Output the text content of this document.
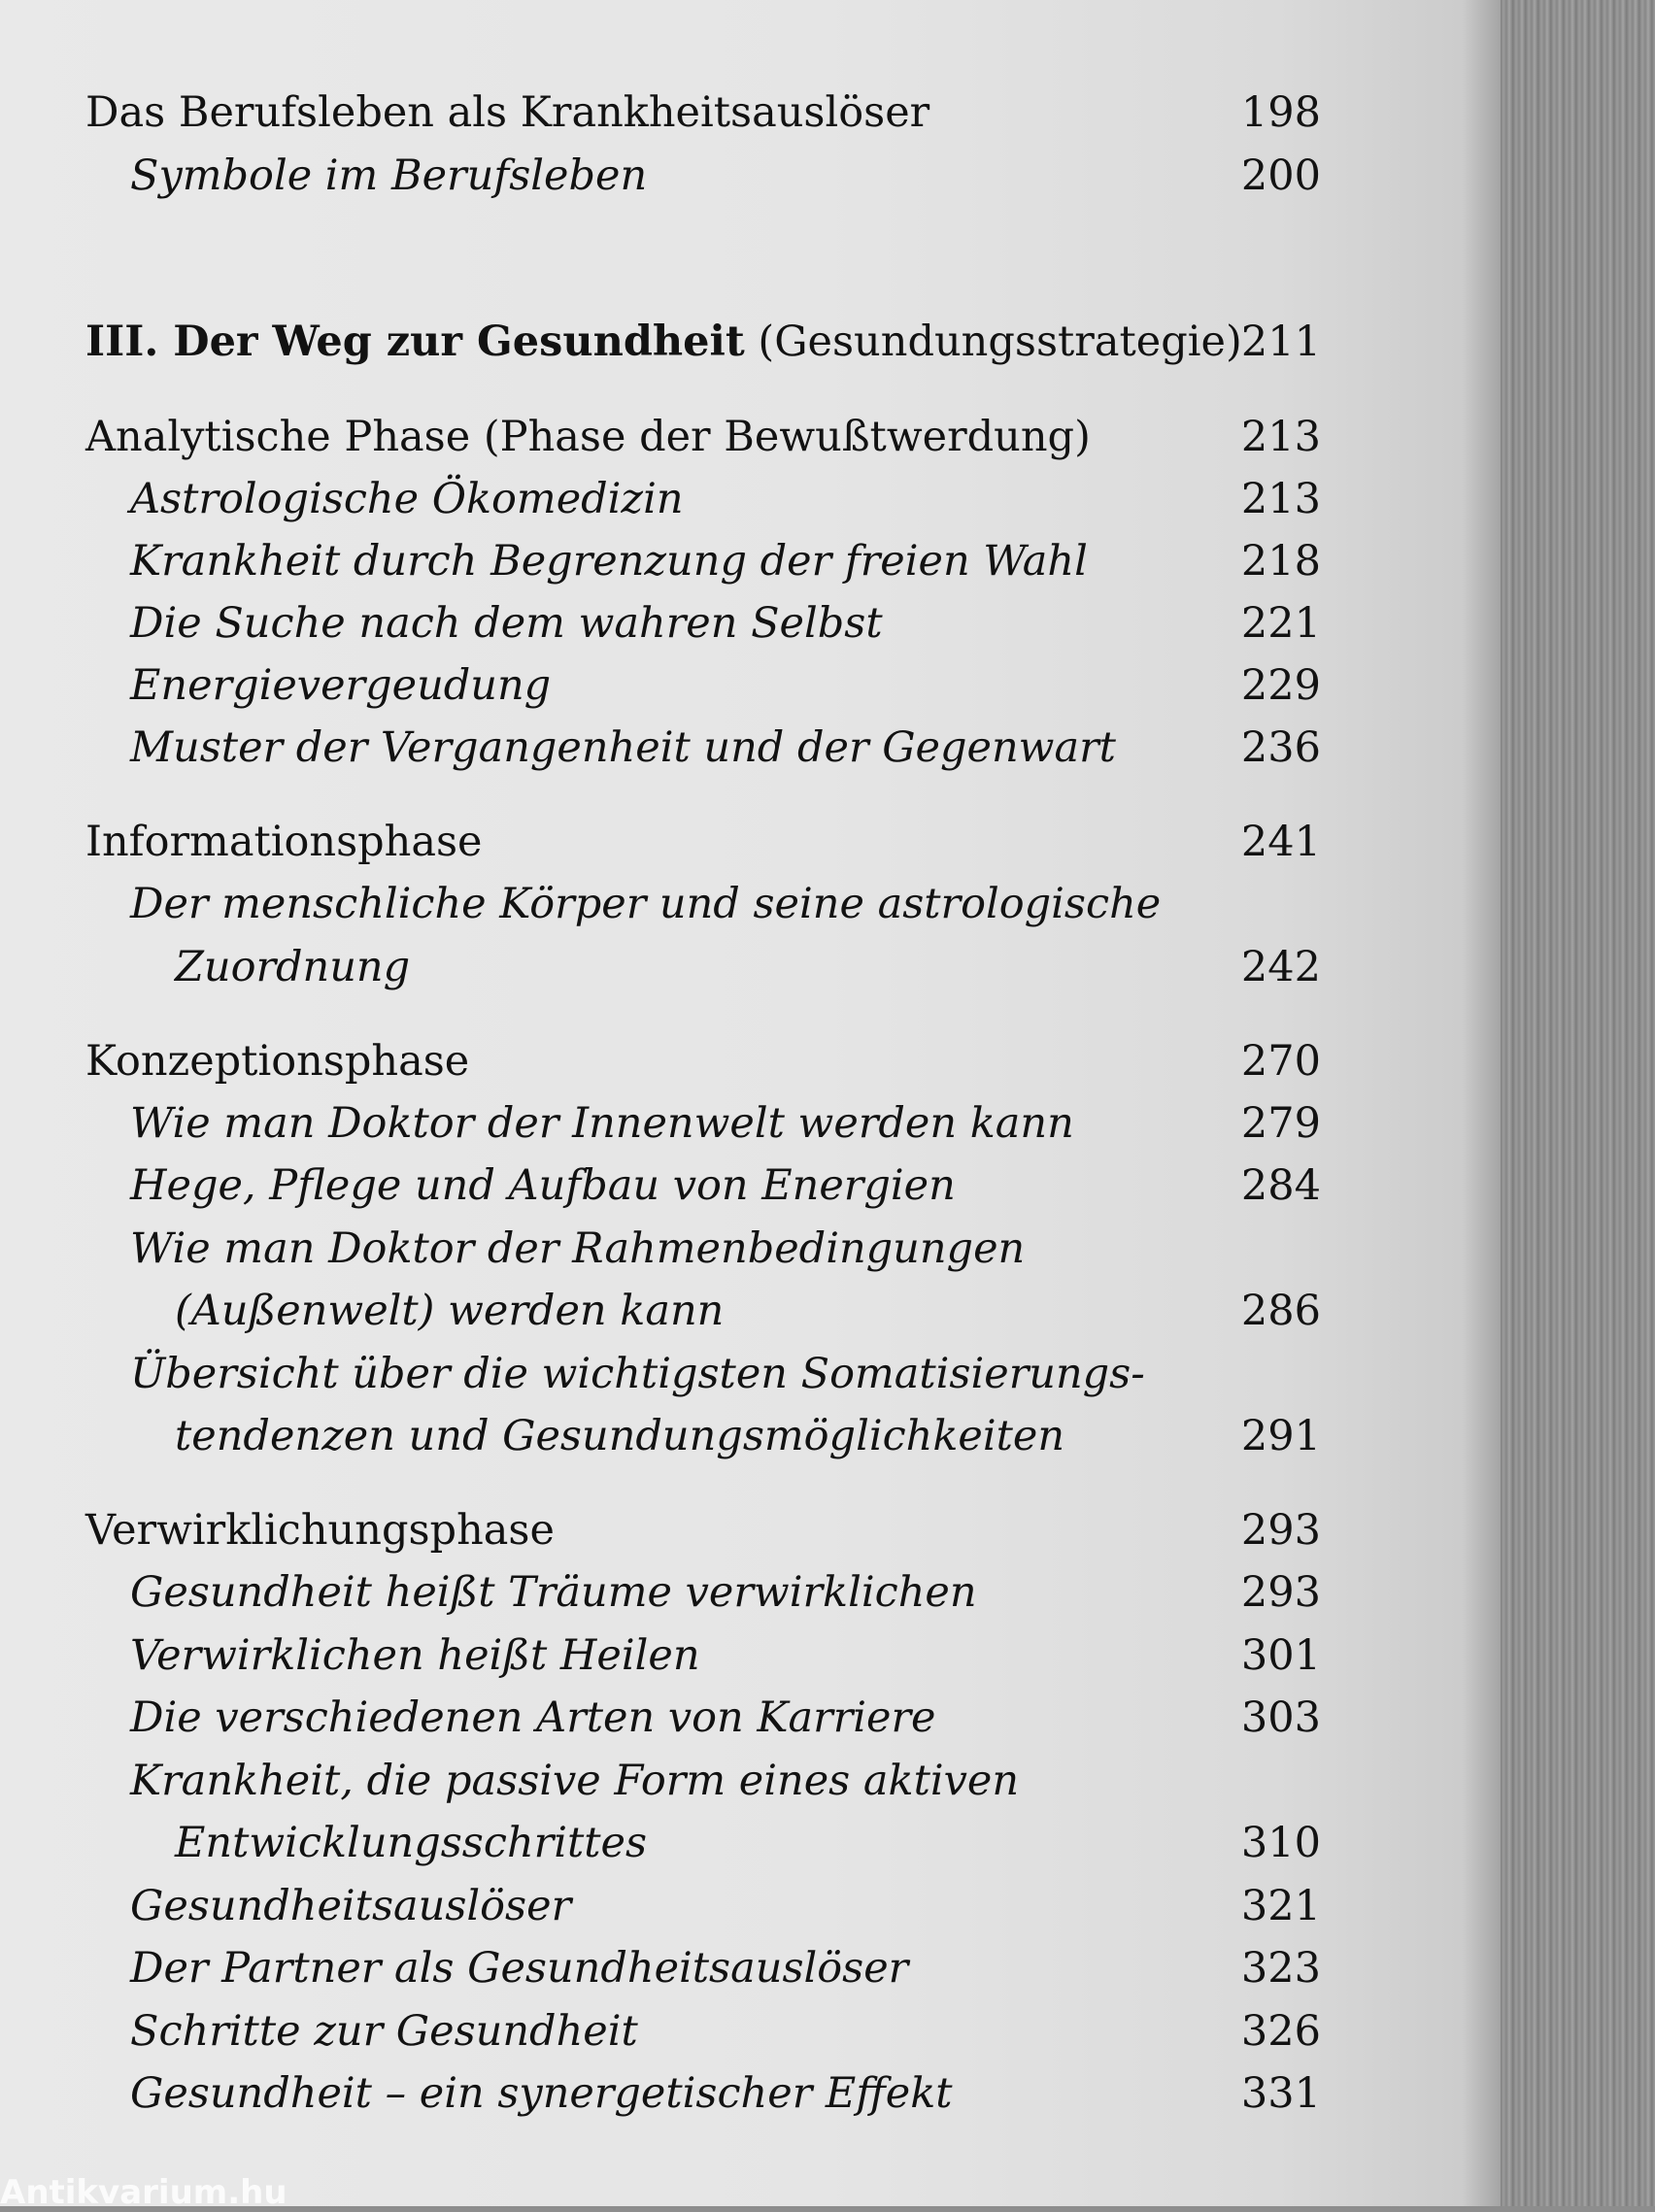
Das Berufsleben als Krankheitsauslöser	198
Symbole im Berufsleben	200
III. Der Weg zur Gesundheit (Gesundungsstrategie) 211
Analytische Phase (Phase der Bewußtwerdung)	213
Astrologische Ökomedizin	213
Krankheit durch Begrenzung der freien Wahl	218
Die Suche nach dem wahren Selbst	221
Energievergeudung	229
Muster der Vergangenheit und der Gegenwart	236
Informationsphase	241
Der menschliche Körper und seine astrologische
Zuordnung	242
Konzeptionsphase	270
Wie man Doktor der Innenwelt werden kann	279
Hege, Pflege und Aufbau von Energien	284
Wie man Doktor der Rahmenbedingungen
(Außenwelt) werden kann	286
Übersicht über die wichtigsten Somatisierungs-
tendenzen und Gesundungsmöglichkeiten	291
Verwirklichungsphase	293
Gesundheit heißt Träume verwirklichen	293
Verwirklichen heißt Heilen	301
Die verschiedenen Arten von Karriere	303
Krankheit, die passive Form eines aktiven
Entwicklungsschrittes	310
Gesundheitsauslöser	321
Der Partner als Gesundheitsauslöser	323
Schritte zur Gesundheit	326
Gesundheit – ein synergetischer Effekt	331
Antikvarium.hu
